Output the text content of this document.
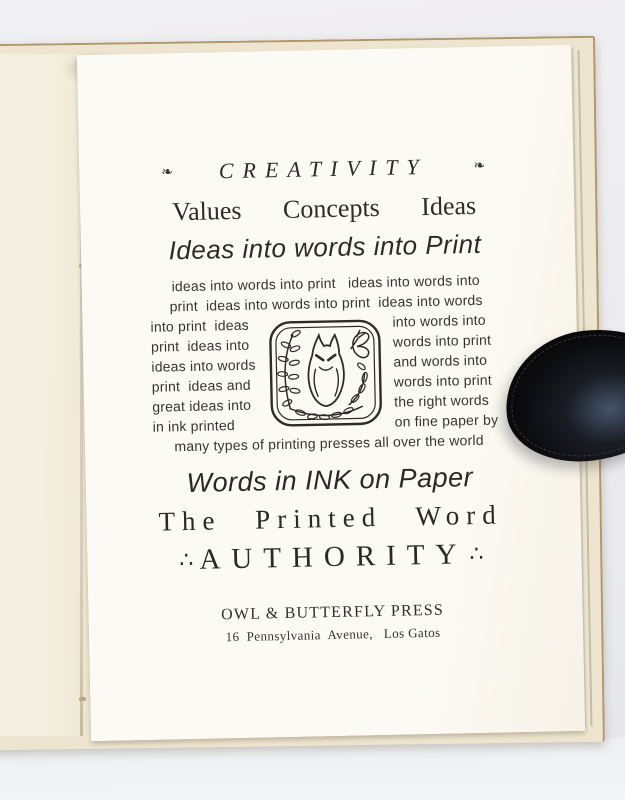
❧ CREATIVITY	❧
Values Concepts Ideas
Ideas into words into Print
ideas into words into print   ideas into words into
print  ideas into words into print  ideas into words
into print  ideas
print  ideas into
ideas into words
print  ideas and
great ideas into
in ink printed
into words into
words into print
and words into
words into print
the right words
on fine paper by
many types of printing presses all over the world
Words in INK on Paper
The Printed Word
∴ AUTHORITY ∴
OWL & BUTTERFLY PRESS
16  Pennsylvania  Avenue,   Los Gatos
